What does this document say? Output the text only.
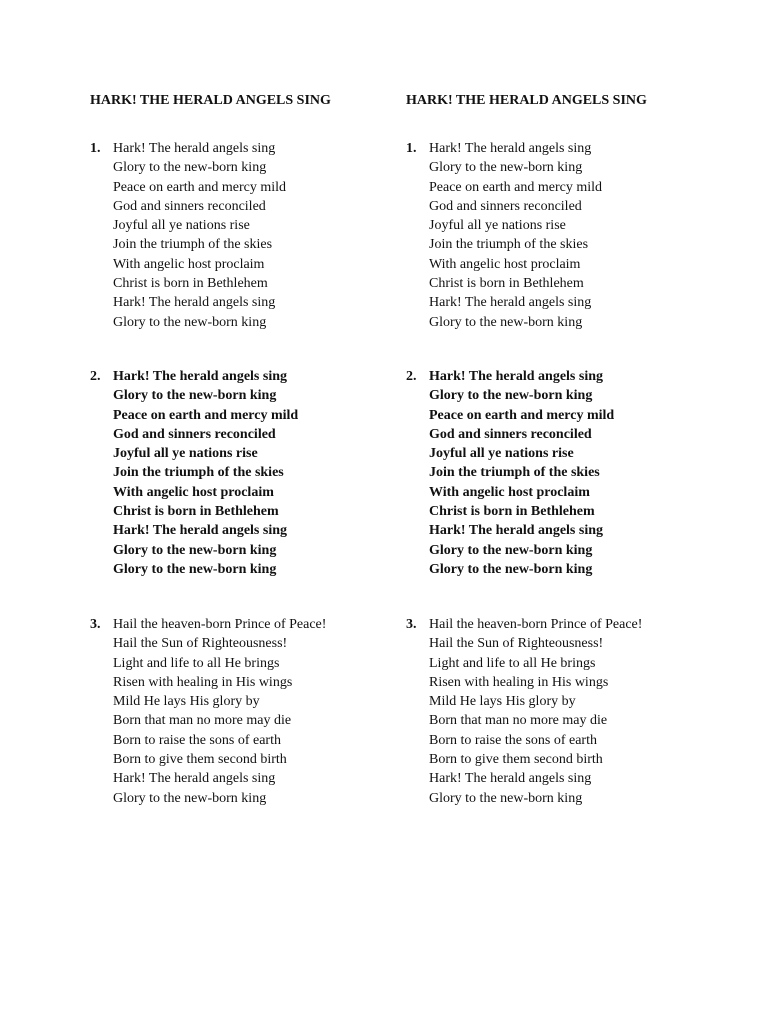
HARK! THE HERALD ANGELS SING
1. Hark! The herald angels sing
Glory to the new-born king
Peace on earth and mercy mild
God and sinners reconciled
Joyful all ye nations rise
Join the triumph of the skies
With angelic host proclaim
Christ is born in Bethlehem
Hark! The herald angels sing
Glory to the new-born king
2. Hark! The herald angels sing
Glory to the new-born king
Peace on earth and mercy mild
God and sinners reconciled
Joyful all ye nations rise
Join the triumph of the skies
With angelic host proclaim
Christ is born in Bethlehem
Hark! The herald angels sing
Glory to the new-born king
Glory to the new-born king
3. Hail the heaven-born Prince of Peace!
Hail the Sun of Righteousness!
Light and life to all He brings
Risen with healing in His wings
Mild He lays His glory by
Born that man no more may die
Born to raise the sons of earth
Born to give them second birth
Hark! The herald angels sing
Glory to the new-born king
HARK! THE HERALD ANGELS SING
1. Hark! The herald angels sing
Glory to the new-born king
Peace on earth and mercy mild
God and sinners reconciled
Joyful all ye nations rise
Join the triumph of the skies
With angelic host proclaim
Christ is born in Bethlehem
Hark! The herald angels sing
Glory to the new-born king
2. Hark! The herald angels sing
Glory to the new-born king
Peace on earth and mercy mild
God and sinners reconciled
Joyful all ye nations rise
Join the triumph of the skies
With angelic host proclaim
Christ is born in Bethlehem
Hark! The herald angels sing
Glory to the new-born king
Glory to the new-born king
3. Hail the heaven-born Prince of Peace!
Hail the Sun of Righteousness!
Light and life to all He brings
Risen with healing in His wings
Mild He lays His glory by
Born that man no more may die
Born to raise the sons of earth
Born to give them second birth
Hark! The herald angels sing
Glory to the new-born king
